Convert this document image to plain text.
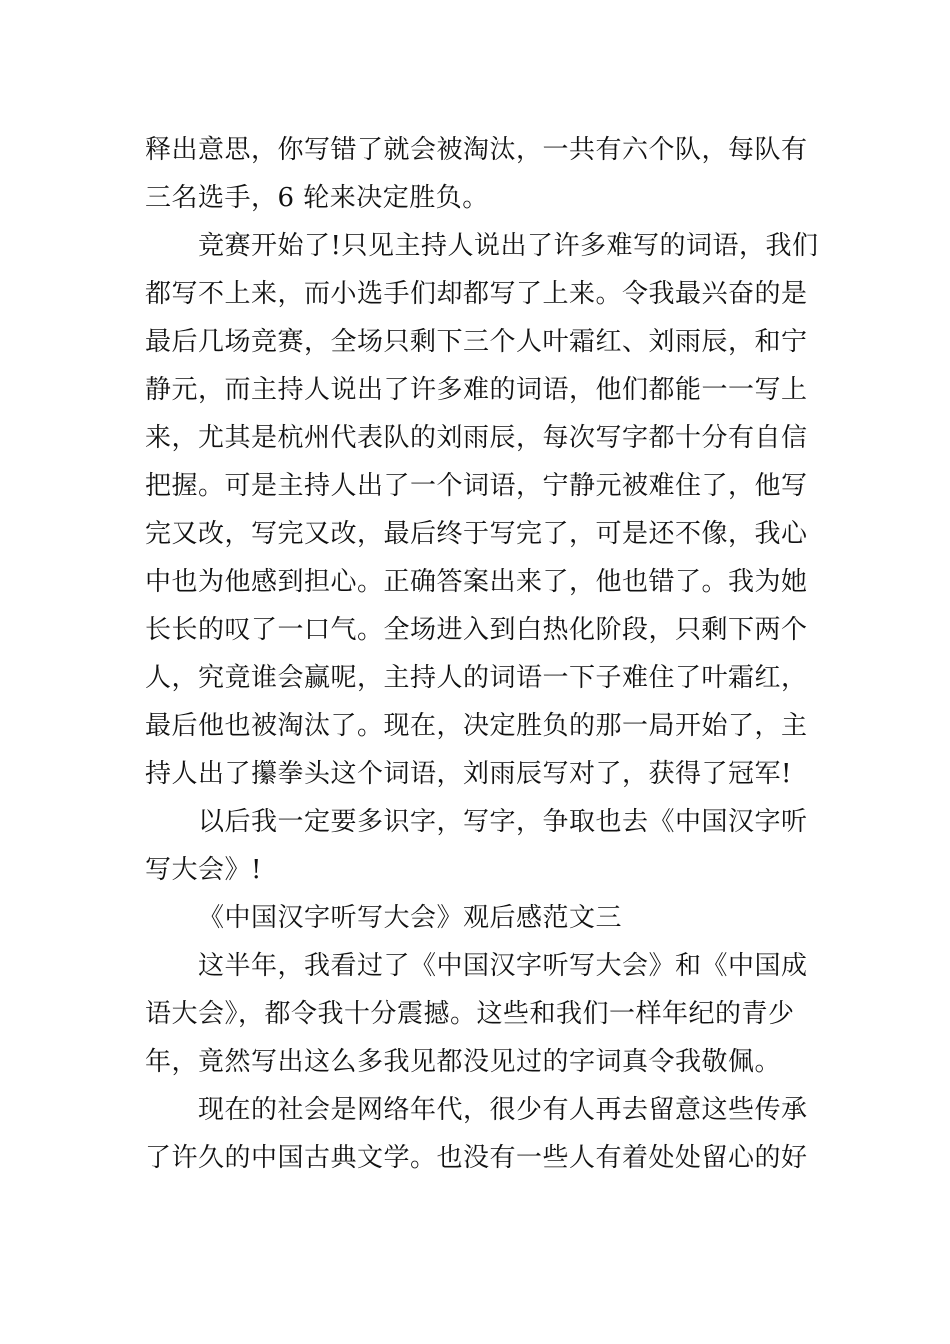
释出意思，你写错了就会被淘汰，一共有六个队，每队有
三名选手，6 轮来决定胜负。
竞赛开始了!只见主持人说出了许多难写的词语，我们
都写不上来，而小选手们却都写了上来。令我最兴奋的是
最后几场竞赛，全场只剩下三个人叶霜红、刘雨辰，和宁
静元，而主持人说出了许多难的词语，他们都能一一写上
来，尤其是杭州代表队的刘雨辰，每次写字都十分有自信
把握。可是主持人出了一个词语，宁静元被难住了，他写
完又改，写完又改，最后终于写完了，可是还不像，我心
中也为他感到担心。正确答案出来了，他也错了。我为她
长长的叹了一口气。全场进入到白热化阶段，只剩下两个
人，究竟谁会赢呢，主持人的词语一下子难住了叶霜红，
最后他也被淘汰了。现在，决定胜负的那一局开始了，主
持人出了攥拳头这个词语，刘雨辰写对了，获得了冠军!
以后我一定要多识字，写字，争取也去《中国汉字听
写大会》!
《中国汉字听写大会》观后感范文三
这半年，我看过了《中国汉字听写大会》和《中国成
语大会》，都令我十分震撼。这些和我们一样年纪的青少
年，竟然写出这么多我见都没见过的字词真令我敬佩。
现在的社会是网络年代，很少有人再去留意这些传承
了许久的中国古典文学。也没有一些人有着处处留心的好
